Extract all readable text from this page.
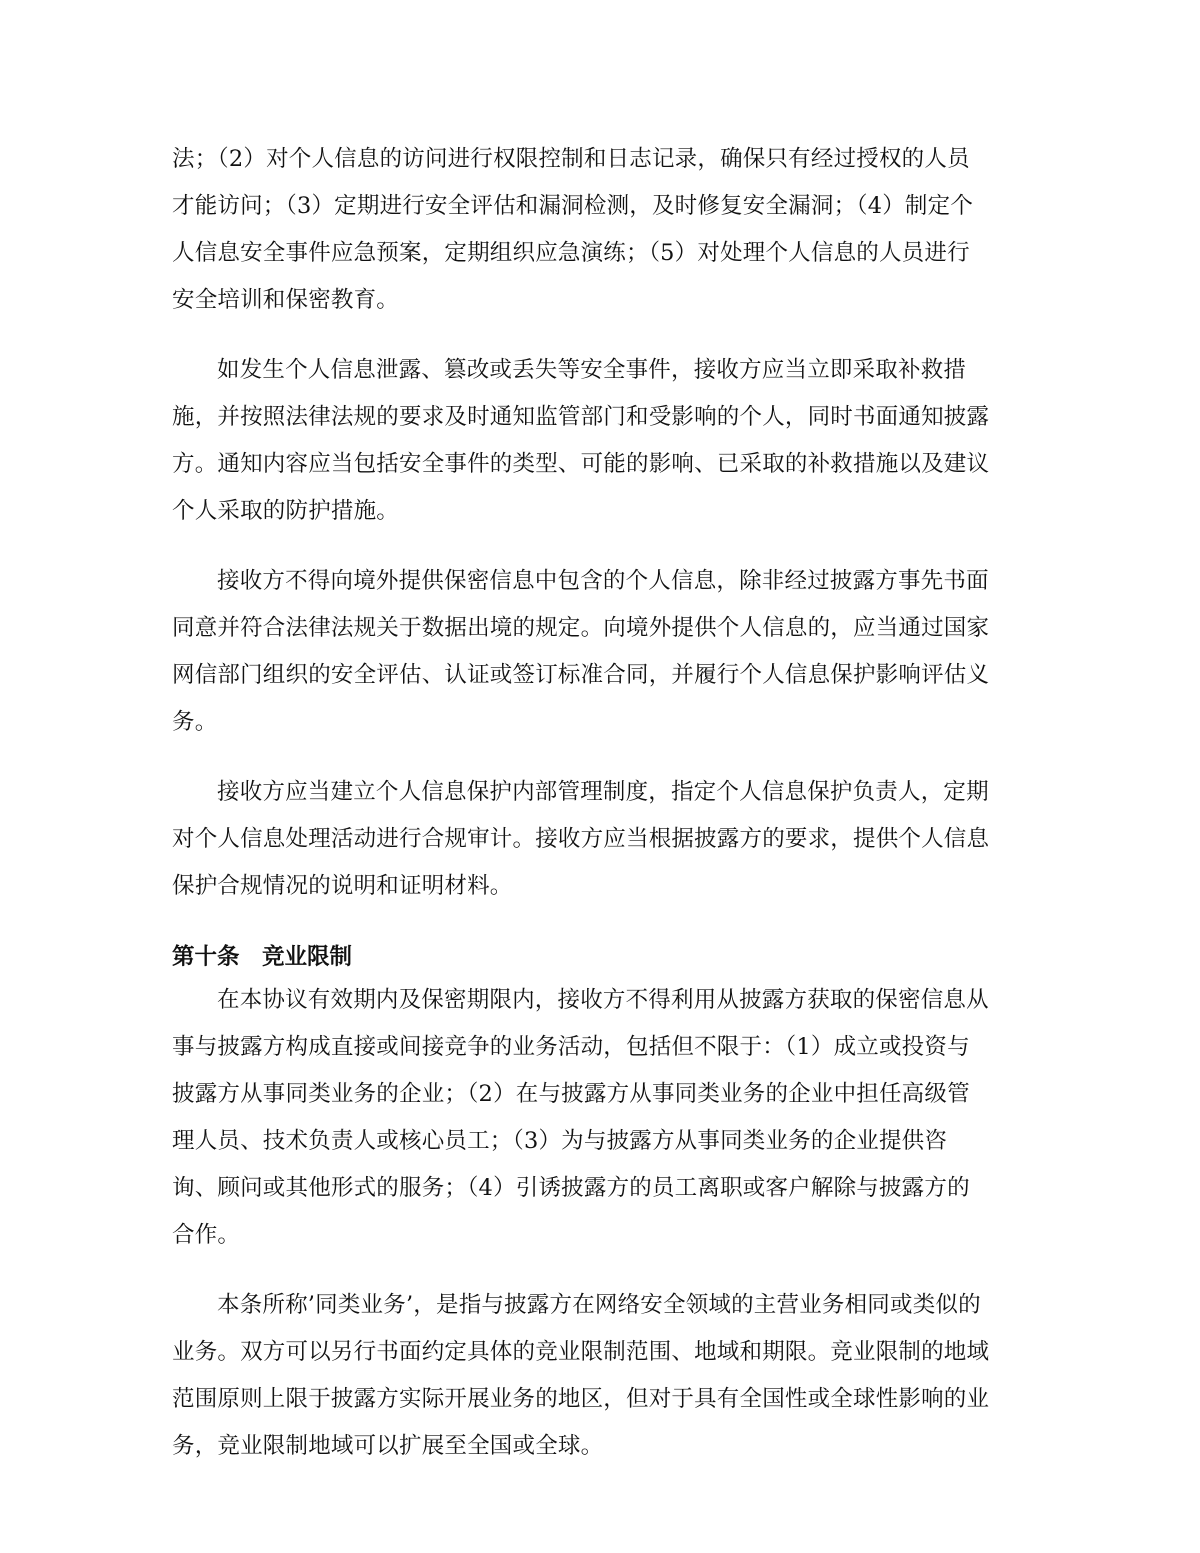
法；（2）对个人信息的访问进行权限控制和日志记录，确保只有经过授权的人员
才能访问；（3）定期进行安全评估和漏洞检测，及时修复安全漏洞；（4）制定个
人信息安全事件应急预案，定期组织应急演练；（5）对处理个人信息的人员进行
安全培训和保密教育。
如发生个人信息泄露、篡改或丢失等安全事件，接收方应当立即采取补救措
施，并按照法律法规的要求及时通知监管部门和受影响的个人，同时书面通知披露
方。通知内容应当包括安全事件的类型、可能的影响、已采取的补救措施以及建议
个人采取的防护措施。
接收方不得向境外提供保密信息中包含的个人信息，除非经过披露方事先书面
同意并符合法律法规关于数据出境的规定。向境外提供个人信息的，应当通过国家
网信部门组织的安全评估、认证或签订标准合同，并履行个人信息保护影响评估义
务。
接收方应当建立个人信息保护内部管理制度，指定个人信息保护负责人，定期
对个人信息处理活动进行合规审计。接收方应当根据披露方的要求，提供个人信息
保护合规情况的说明和证明材料。
第十条　竞业限制
在本协议有效期内及保密期限内，接收方不得利用从披露方获取的保密信息从
事与披露方构成直接或间接竞争的业务活动，包括但不限于：（1）成立或投资与
披露方从事同类业务的企业；（2）在与披露方从事同类业务的企业中担任高级管
理人员、技术负责人或核心员工；（3）为与披露方从事同类业务的企业提供咨
询、顾问或其他形式的服务；（4）引诱披露方的员工离职或客户解除与披露方的
合作。
本条所称’同类业务’，是指与披露方在网络安全领域的主营业务相同或类似的
业务。双方可以另行书面约定具体的竞业限制范围、地域和期限。竞业限制的地域
范围原则上限于披露方实际开展业务的地区，但对于具有全国性或全球性影响的业
务，竞业限制地域可以扩展至全国或全球。
